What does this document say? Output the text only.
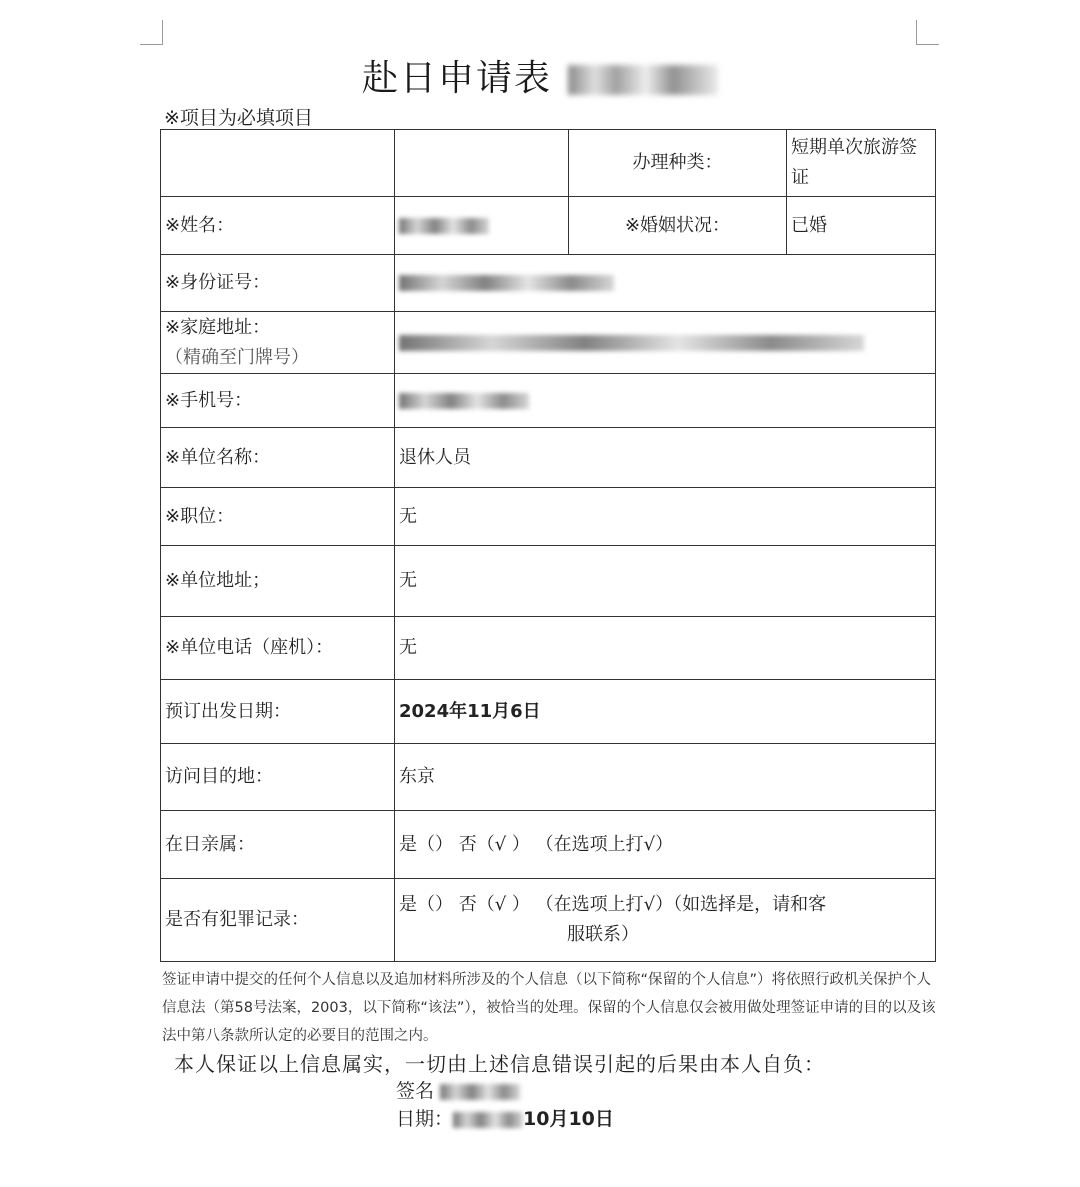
赴日申请表
※项目为必填项目
		办理种类：	短期单次旅游签证
※姓名：		※婚姻状况：	已婚
※身份证号：			

※家庭地址：
（精确至门牌号）			

※手机号：			
※单位名称：	退休人员		
※职位：	无		
※单位地址；	无		
※单位电话（座机）：	无		
预订出发日期：	2024年11月6日		
访问目的地：	东京		
在日亲属：	是（） 否（√ ） （在选项上打√）		
是否有犯罪记录：	是（） 否（√ ） （在选项上打√）（如选择是，请和客
服联系）		
签证申请中提交的任何个人信息以及追加材料所涉及的个人信息（以下简称“保留的个人信息”）将依照行政机关保护个人信息法（第58号法案，2003，以下简称“该法”），被恰当的处理。保留的个人信息仅会被用做处理签证申请的目的以及该法中第八条款所认定的必要目的范围之内。
本人保证以上信息属实，一切由上述信息错误引起的后果由本人自负：
签名
日期：	10月10日
